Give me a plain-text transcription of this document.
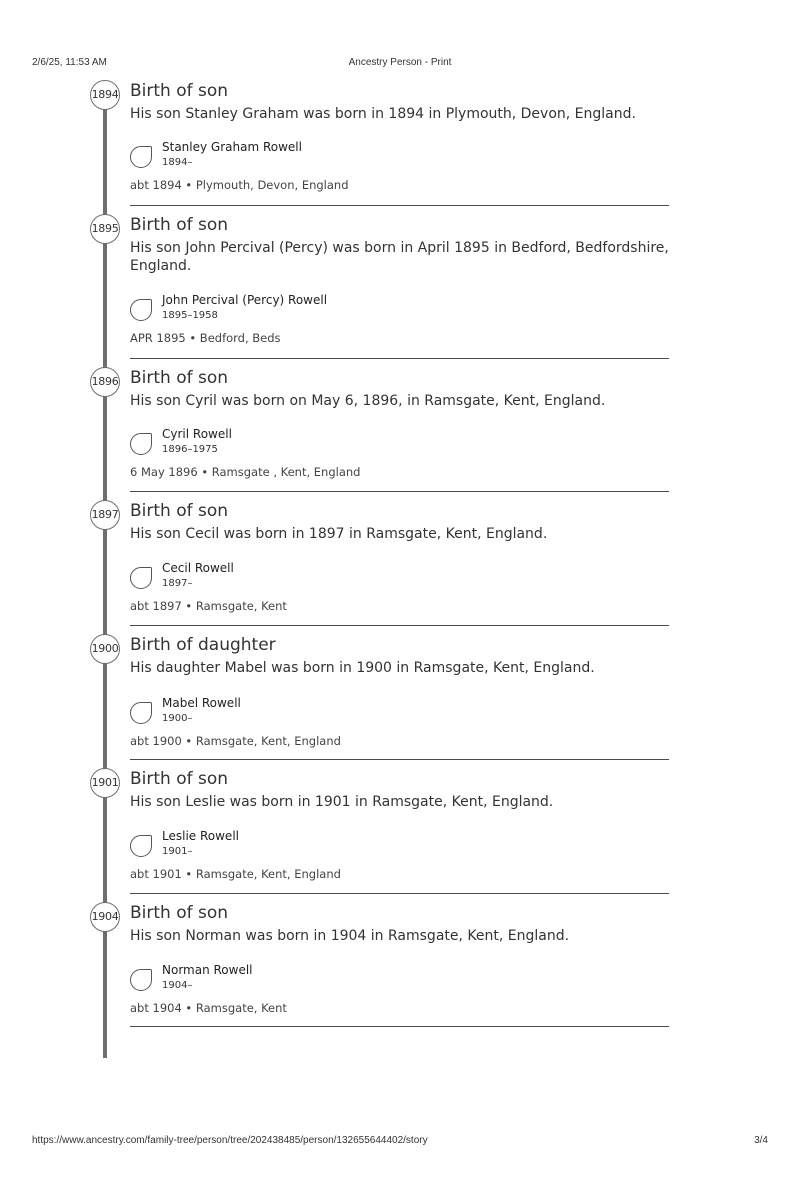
2/6/25, 11:53 AM	Ancestry Person - Print
1894 Birth of son
His son Stanley Graham was born in 1894 in Plymouth, Devon, England.
Stanley Graham Rowell
1894–
abt 1894 • Plymouth, Devon, England
1895 Birth of son
His son John Percival (Percy) was born in April 1895 in Bedford, Bedfordshire, England.
John Percival (Percy) Rowell
1895–1958
APR 1895 • Bedford, Beds
1896 Birth of son
His son Cyril was born on May 6, 1896, in Ramsgate, Kent, England.
Cyril Rowell
1896–1975
6 May 1896 • Ramsgate , Kent, England
1897 Birth of son
His son Cecil was born in 1897 in Ramsgate, Kent, England.
Cecil Rowell
1897–
abt 1897 • Ramsgate, Kent
1900 Birth of daughter
His daughter Mabel was born in 1900 in Ramsgate, Kent, England.
Mabel Rowell
1900–
abt 1900 • Ramsgate, Kent, England
1901 Birth of son
His son Leslie was born in 1901 in Ramsgate, Kent, England.
Leslie Rowell
1901–
abt 1901 • Ramsgate, Kent, England
1904 Birth of son
His son Norman was born in 1904 in Ramsgate, Kent, England.
Norman Rowell
1904–
abt 1904 • Ramsgate, Kent
https://www.ancestry.com/family-tree/person/tree/202438485/person/132655644402/story	3/4
